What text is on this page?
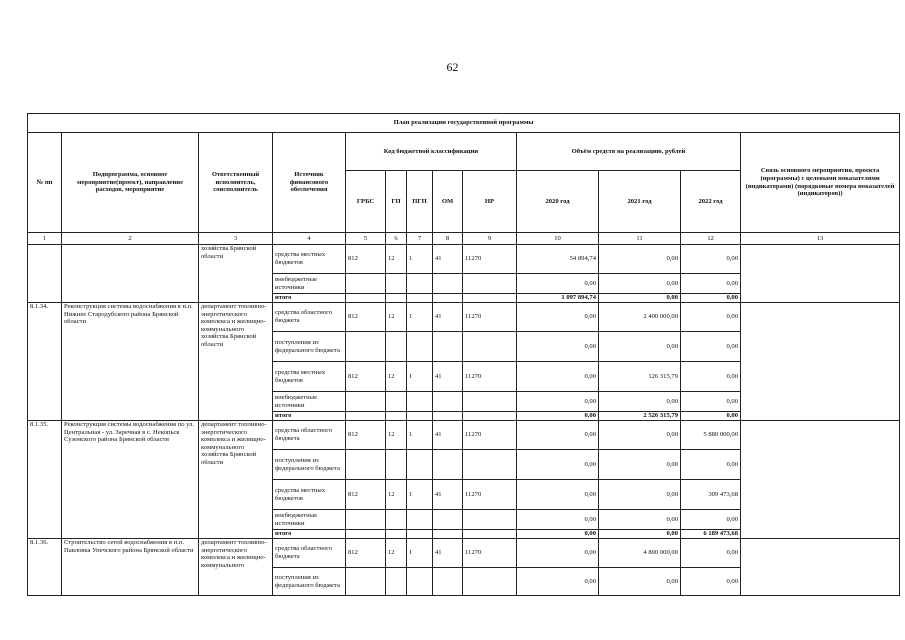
62
План реализации государственной программы												
№ пп	Подпрограмма, основное мероприятие(проект), направление расходов, мероприятие	Ответственный исполнитель, соисполнитель	Источник финансового обеспечения	Код бюджетной классификации					Объём средств на реализацию, рублей			Связь основного мероприятия, проекта (программы) с целевыми показателями (индикаторами) (порядковые номера показателей (индикаторов))
				ГРБС	ГП	ПГП	ОМ	НР	2020 год	2021 год	2022 год	
1	2	3	4	5	6	7	8	9	10	11	12	13
		хозяйства Брянской области	средства местных бюджетов	812	12	1	41	11270	54 894,74	0,00	0,00	
			внебюджетные источники						0,00	0,00	0,00	
			итого						1 097 894,74	0,00	0,00	
8.1.34.	Реконструкция системы водоснабжения в н.п. Нижнее Стародубского района Брянской области	департамент топливно-энергетического комплекса и жилищно-коммунального хозяйства Брянской области	средства областного бюджета	812	12	1	41	11270	0,00	2 400 000,00	0,00	
			поступления из федерального бюджета						0,00	0,00	0,00	
			средства местных бюджетов	812	12	1	41	11270	0,00	126 315,79	0,00	
			внебюджетные источники						0,00	0,00	0,00	
			итого						0,00	2 526 315,79	0,00	
8.1.35.	Реконструкция системы водоснабжения по ул. Центральная - ул. Заречная в с. Некопьск Суземского района Брянской области	департамент топливно-энергетического комплекса и жилищно-коммунального хозяйства Брянской области	средства областного бюджета	812	12	1	41	11270	0,00	0,00	5 880 000,00	
			поступления из федерального бюджета						0,00	0,00	0,00	
			средства местных бюджетов	812	12	1	41	11270	0,00	0,00	309 473,68	
			внебюджетные источники						0,00	0,00	0,00	
			итого						0,00	0,00	6 189 473,68	
8.1.36.	Строительство сетей водоснабжения в н.п. Павловка Унечского района Брянской области	департамент топливно-энергетического комплекса и жилищно-коммунального	средства областного бюджета	812	12	1	41	11270	0,00	4 800 000,00	0,00	
			поступления из федерального бюджета						0,00	0,00	0,00	
